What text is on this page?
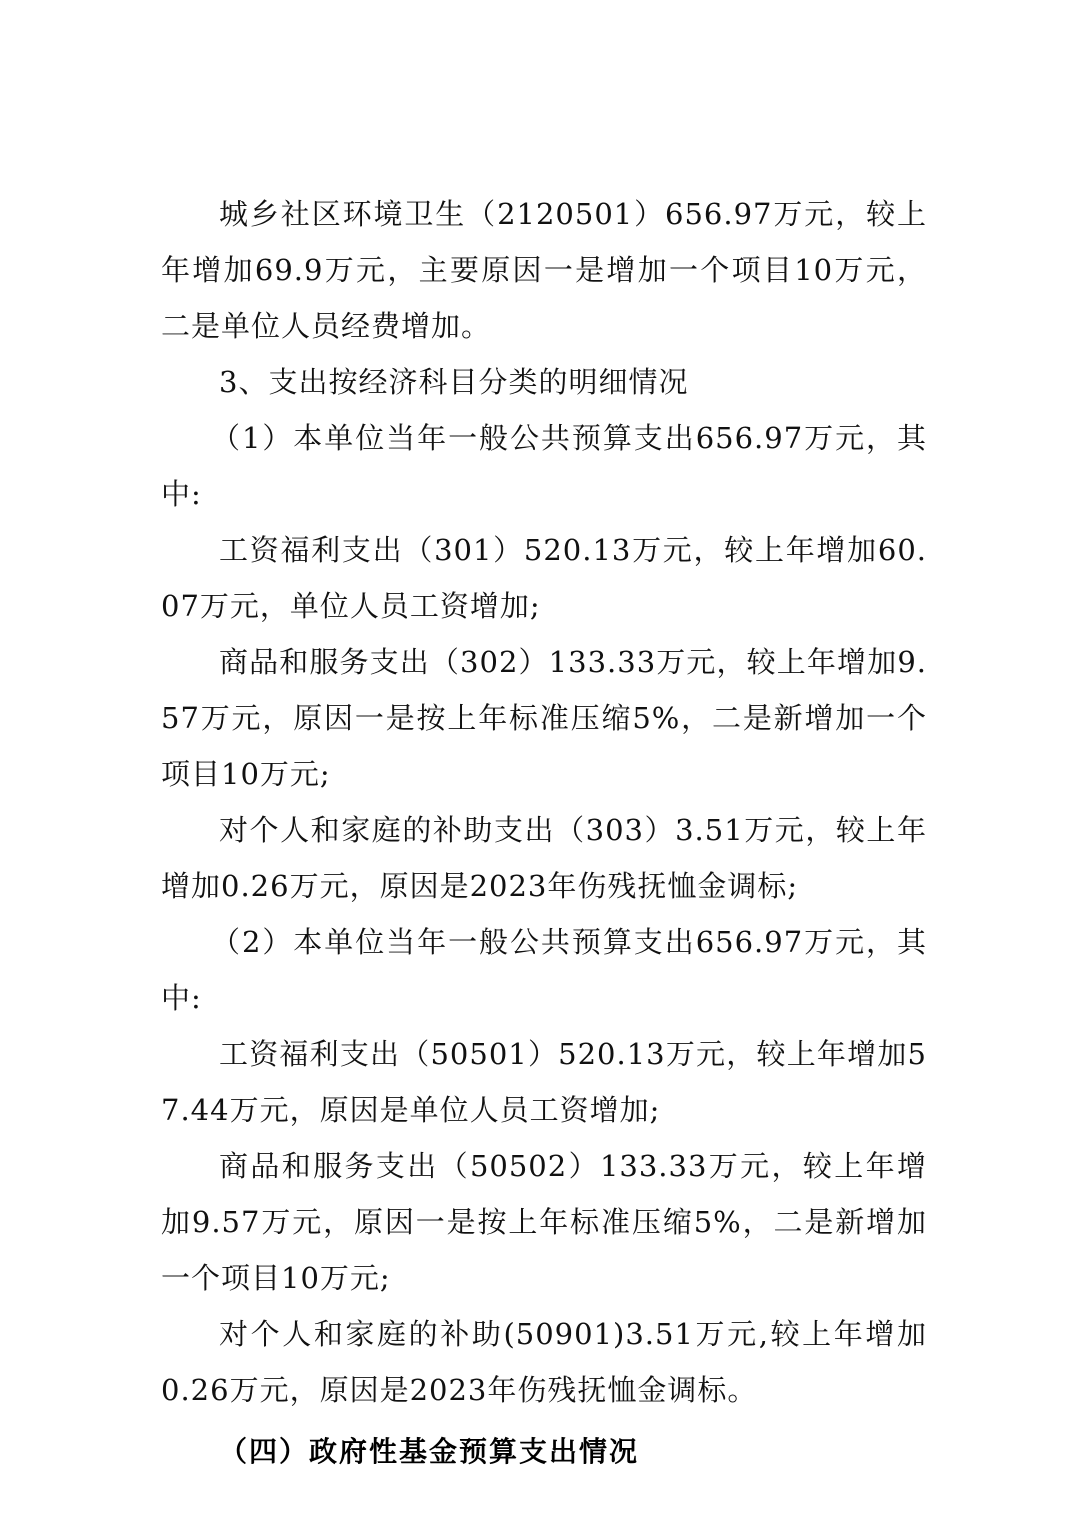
城乡社区环境卫生（2120501）656.97万元，较上年增加69.9万元，主要原因一是增加一个项目10万元，二是单位人员经费增加。

3、支出按经济科目分类的明细情况

（1）本单位当年一般公共预算支出656.97万元，其中:

工资福利支出（301）520.13万元，较上年增加60.07万元，单位人员工资增加;

商品和服务支出（302）133.33万元，较上年增加9.57万元，原因一是按上年标准压缩5%，二是新增加一个项目10万元;

对个人和家庭的补助支出（303）3.51万元，较上年增加0.26万元，原因是2023年伤残抚恤金调标;

（2）本单位当年一般公共预算支出656.97万元，其中:

工资福利支出（50501）520.13万元，较上年增加57.44万元，原因是单位人员工资增加;

商品和服务支出（50502）133.33万元，较上年增加9.57万元，原因一是按上年标准压缩5%，二是新增加一个项目10万元;

对个人和家庭的补助(50901)3.51万元,较上年增加0.26万元，原因是2023年伤残抚恤金调标。

（四）政府性基金预算支出情况
